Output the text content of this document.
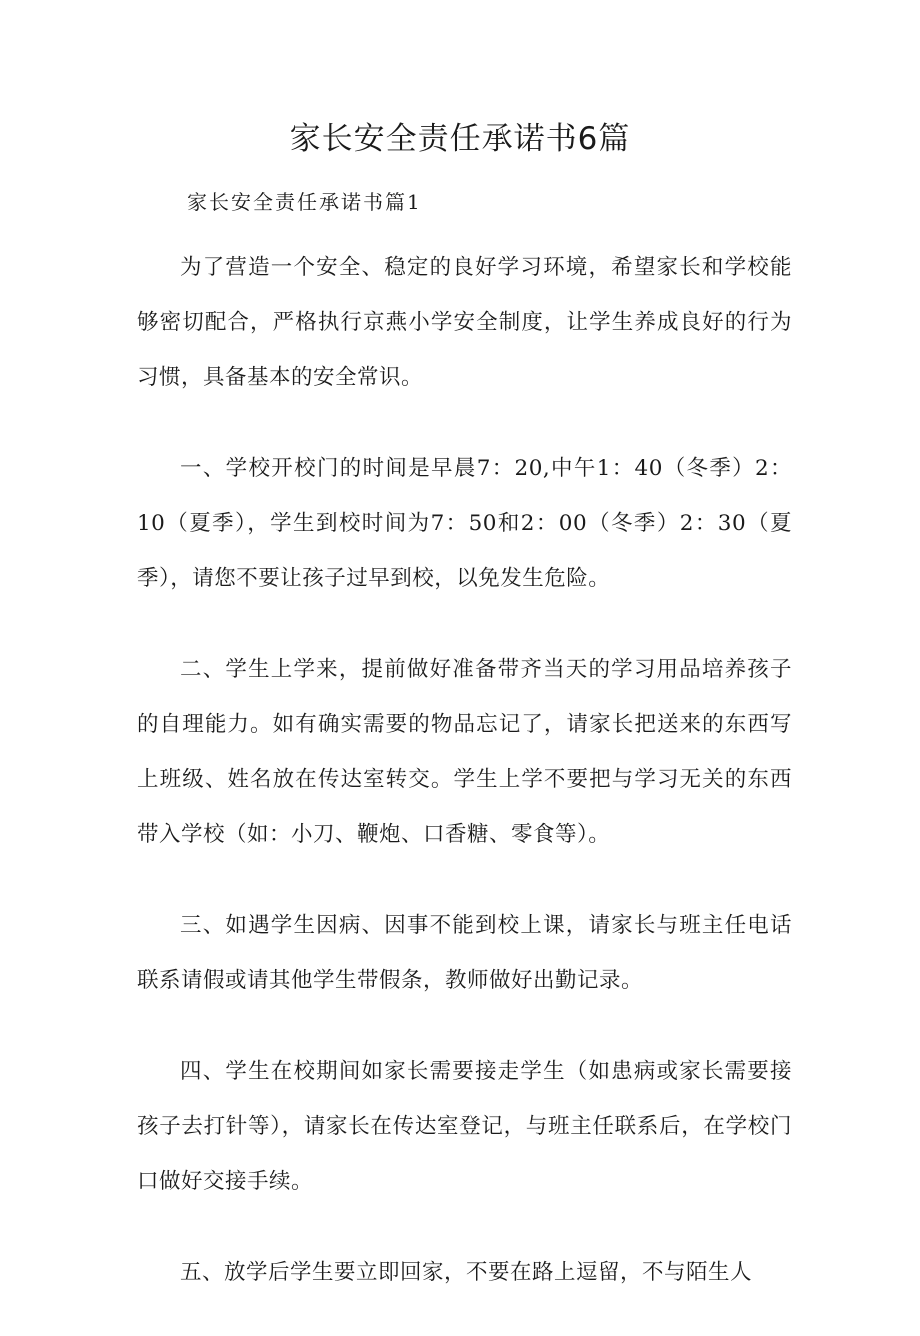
家长安全责任承诺书6篇
家长安全责任承诺书篇1

为了营造一个安全、稳定的良好学习环境，希望家长和学校能够密切配合，严格执行京燕小学安全制度，让学生养成良好的行为习惯，具备基本的安全常识。

一、学校开校门的时间是早晨7：20,中午1：40（冬季）2：10（夏季），学生到校时间为7：50和2：00（冬季）2：30（夏季），请您不要让孩子过早到校，以免发生危险。

二、学生上学来，提前做好准备带齐当天的学习用品培养孩子的自理能力。如有确实需要的物品忘记了，请家长把送来的东西写上班级、姓名放在传达室转交。学生上学不要把与学习无关的东西带入学校（如：小刀、鞭炮、口香糖、零食等）。

三、如遇学生因病、因事不能到校上课，请家长与班主任电话联系请假或请其他学生带假条，教师做好出勤记录。

四、学生在校期间如家长需要接走学生（如患病或家长需要接孩子去打针等），请家长在传达室登记，与班主任联系后，在学校门口做好交接手续。

五、放学后学生要立即回家，不要在路上逗留，不与陌生人
